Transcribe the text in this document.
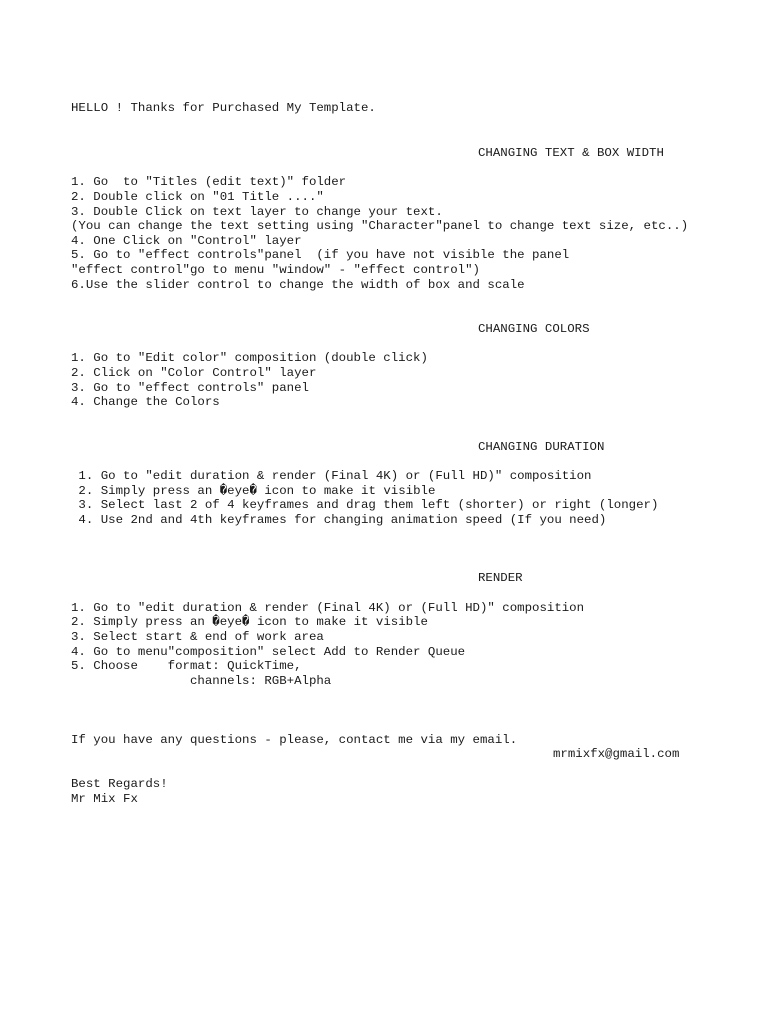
HELLO ! Thanks for Purchased My Template.

CHANGING TEXT & BOX WIDTH

1. Go  to "Titles (edit text)" folder

2. Double click on "01 Title ...."

3. Double Click on text layer to change your text.

(You can change the text setting using "Character"panel to change text size, etc..)

4. One Click on "Control" layer

5. Go to "effect controls"panel  (if you have not visible the panel

"effect control"go to menu "window" - "effect control")

6.Use the slider control to change the width of box and scale

CHANGING COLORS

1. Go to "Edit color" composition (double click)

2. Click on "Color Control" layer

3. Go to "effect controls" panel

4. Change the Colors

CHANGING DURATION

1. Go to "edit duration & render (Final 4K) or (Full HD)" composition

2. Simply press an �eye� icon to make it visible

3. Select last 2 of 4 keyframes and drag them left (shorter) or right (longer)

4. Use 2nd and 4th keyframes for changing animation speed (If you need)

RENDER

1. Go to "edit duration & render (Final 4K) or (Full HD)" composition

2. Simply press an �eye� icon to make it visible

3. Select start & end of work area

4. Go to menu"composition" select Add to Render Queue

5. Choose    format: QuickTime,

channels: RGB+Alpha

If you have any questions - please, contact me via my email.

mrmixfx@gmail.com

Best Regards!

Mr Mix Fx
